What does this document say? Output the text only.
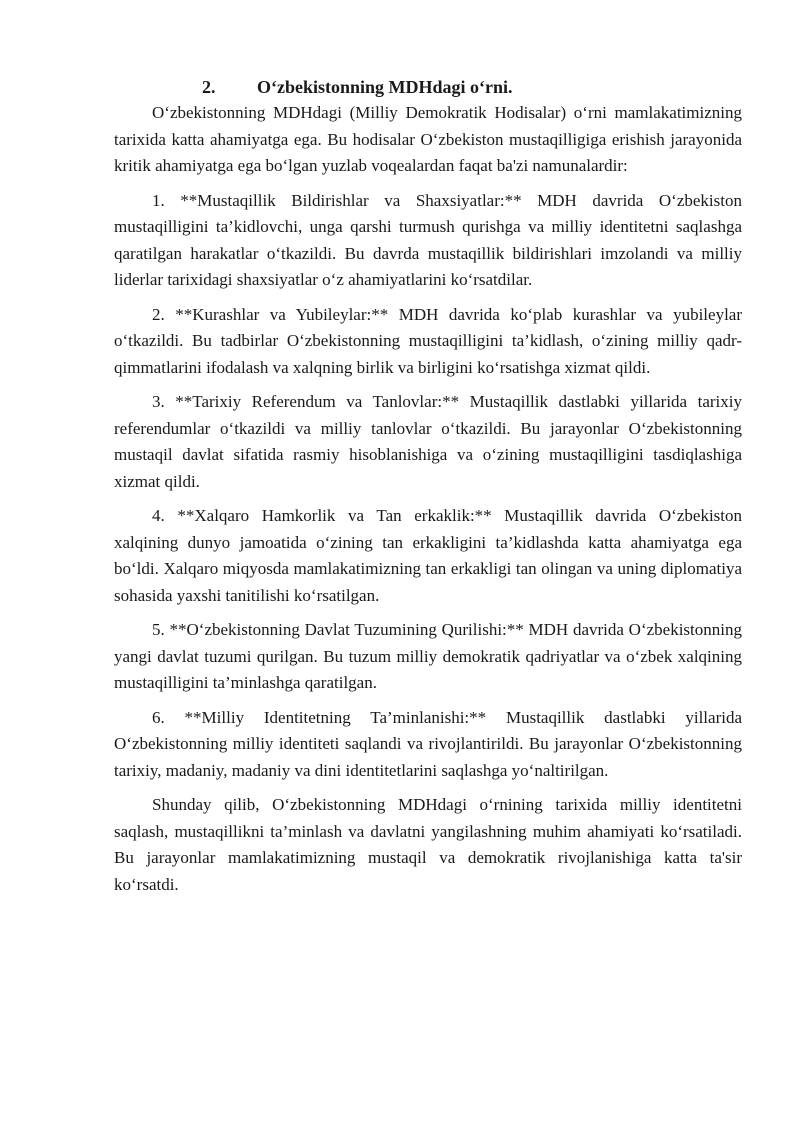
2. O‘zbekistonning MDHdagi o‘rni.

O‘zbekistonning MDHdagi (Milliy Demokratik Hodisalar) o‘rni mamlakatimizning tarixida katta ahamiyatga ega. Bu hodisalar O‘zbekiston mustaqilligiga erishish jarayonida kritik ahamiyatga ega bo‘lgan yuzlab voqealardan faqat ba'zi namunalardir:

1. **Mustaqillik Bildirishlar va Shaxsiyatlar:** MDH davrida O‘zbekiston mustaqilligini ta’kidlovchi, unga qarshi turmush qurishga va milliy identitetni saqlashga qaratilgan harakatlar o‘tkazildi. Bu davrda mustaqillik bildirishlari imzolandi va milliy liderlar tarixidagi shaxsiyatlar o‘z ahamiyatlarini ko‘rsatdilar.

2. **Kurashlar va Yubileylar:** MDH davrida ko‘plab kurashlar va yubileylar o‘tkazildi. Bu tadbirlar O‘zbekistonning mustaqilligini ta’kidlash, o‘zining milliy qadr-qimmatlarini ifodalash va xalqning birlik va birligini ko‘rsatishga xizmat qildi.

3. **Tarixiy Referendum va Tanlovlar:** Mustaqillik dastlabki yillarida tarixiy referendumlar o‘tkazildi va milliy tanlovlar o‘tkazildi. Bu jarayonlar O‘zbekistonning mustaqil davlat sifatida rasmiy hisoblanishiga va o‘zining mustaqilligini tasdiqlashiga xizmat qildi.

4. **Xalqaro Hamkorlik va Tan erkaklik:** Mustaqillik davrida O‘zbekiston xalqining dunyo jamoatida o‘zining tan erkakligini ta’kidlashda katta ahamiyatga ega bo‘ldi. Xalqaro miqyosda mamlakatimizning tan erkakligi tan olingan va uning diplomatiya sohasida yaxshi tanitilishi ko‘rsatilgan.

5. **O‘zbekistonning Davlat Tuzumining Qurilishi:** MDH davrida O‘zbekistonning yangi davlat tuzumi qurilgan. Bu tuzum milliy demokratik qadriyatlar va o‘zbek xalqining mustaqilligini ta’minlashga qaratilgan.

6. **Milliy Identitetning Ta’minlanishi:** Mustaqillik dastlabki yillarida O‘zbekistonning milliy identiteti saqlandi va rivojlantirildi. Bu jarayonlar O‘zbekistonning tarixiy, madaniy, madaniy va dini identitetlarini saqlashga yo‘naltirilgan.

Shunday qilib, O‘zbekistonning MDHdagi o‘rnining tarixida milliy identitetni saqlash, mustaqillikni ta’minlash va davlatni yangilashning muhim ahamiyati ko‘rsatiladi. Bu jarayonlar mamlakatimizning mustaqil va demokratik rivojlanishiga katta ta'sir ko‘rsatdi.
